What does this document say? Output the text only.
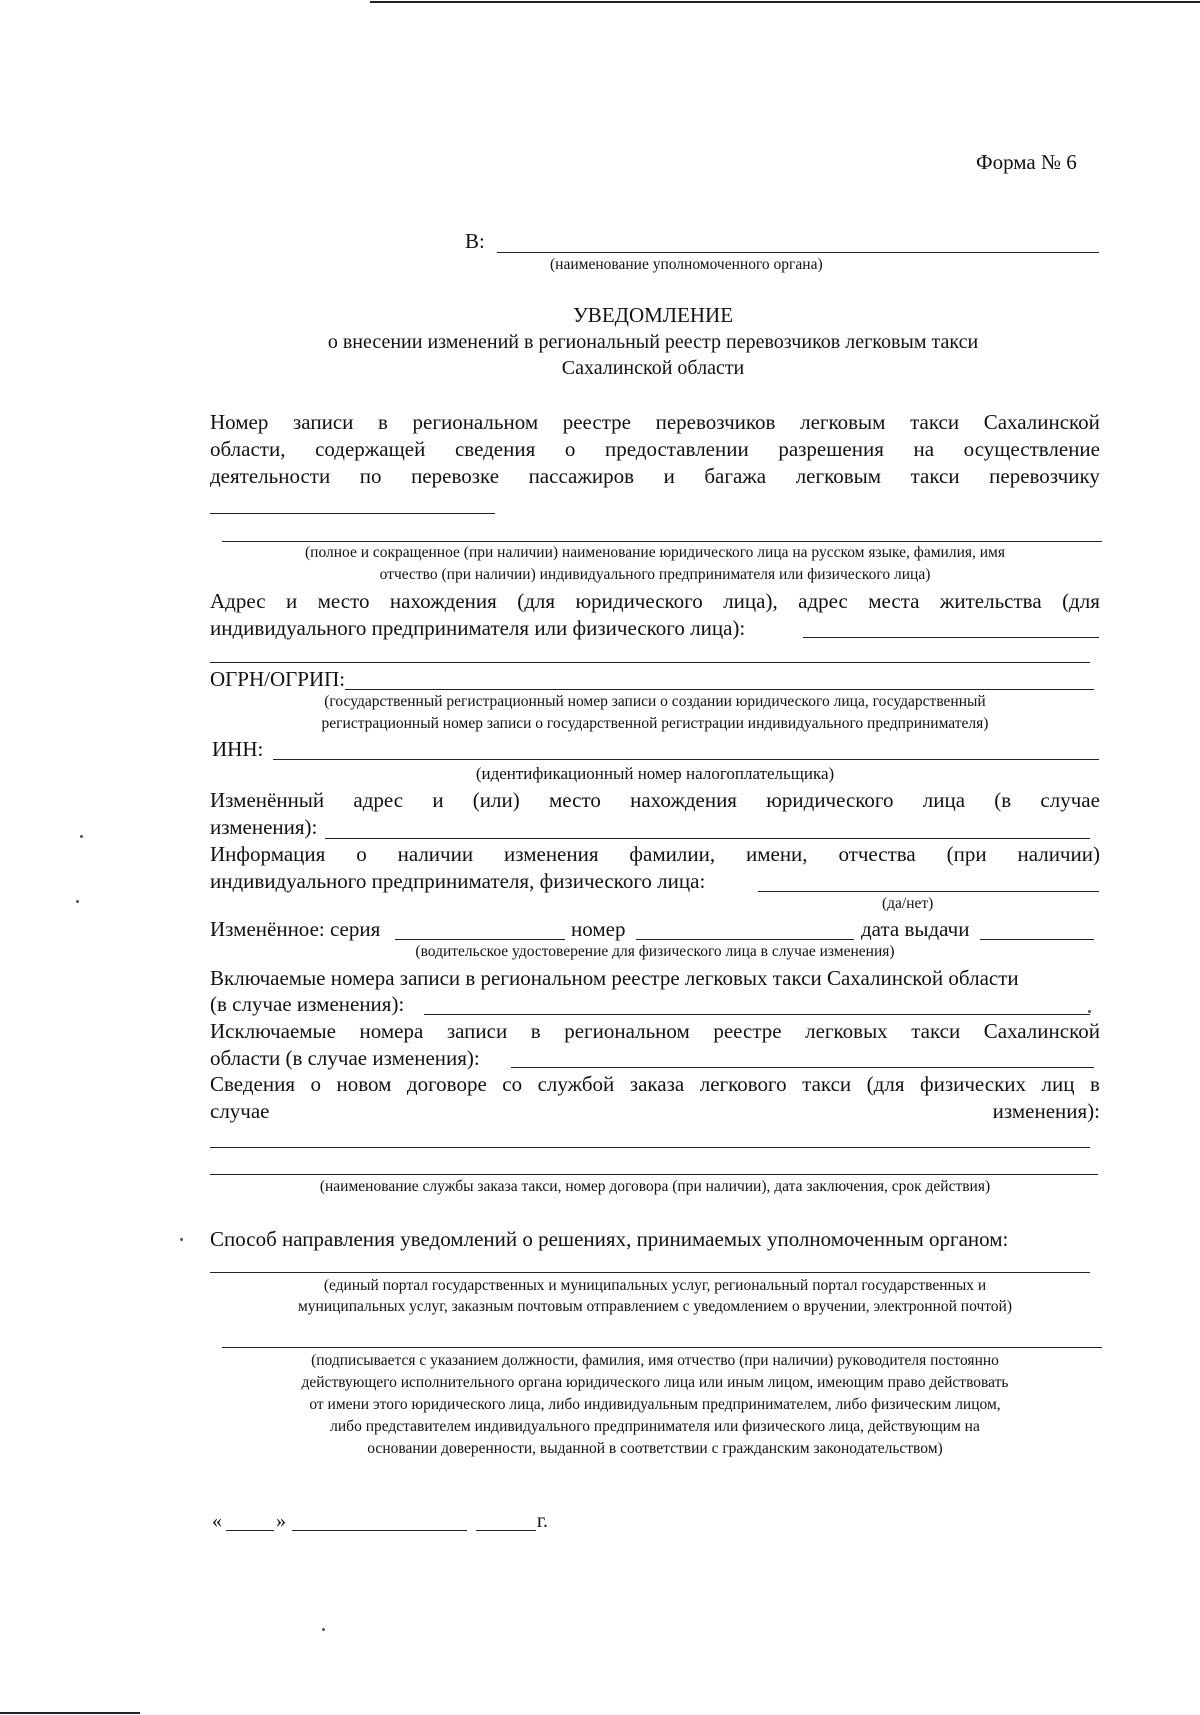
Форма № 6
В:
(наименование уполномоченного органа)
УВЕДОМЛЕНИЕ
о внесении изменений в региональный реестр перевозчиков легковым такси
Сахалинской области
Номер записи в региональном реестре перевозчиков легковым такси Сахалинской
области, содержащей сведения о предоставлении разрешения на осуществление
деятельности по перевозке пассажиров и багажа легковым такси перевозчику
(полное и сокращенное (при наличии) наименование юридического лица на русском языке, фамилия, имя
отчество (при наличии) индивидуального предпринимателя или физического лица)
Адрес и место нахождения (для юридического лица), адрес места жительства (для
индивидуального предпринимателя или физического лица):
ОГРН/ОГРИП:
(государственный регистрационный номер записи о создании юридического лица, государственный
регистрационный номер записи о государственной регистрации индивидуального предпринимателя)
ИНН:
(идентификационный номер налогоплательщика)
Изменённый адрес и (или) место нахождения юридического лица (в случае
изменения):
Информация о наличии изменения фамилии, имени, отчества (при наличии)
индивидуального предпринимателя, физического лица:
(да/нет)
Изменённое: серия	номер	дата выдачи
(водительское удостоверение для физического лица в случае изменения)
Включаемые номера записи в региональном реестре легковых такси Сахалинской области
(в случае изменения):
Исключаемые номера записи в региональном реестре легковых такси Сахалинской
области (в случае изменения):
Сведения о новом договоре со службой заказа легкового такси (для физических лиц в
случае	изменения):
(наименование службы заказа такси, номер договора (при наличии), дата заключения, срок действия)
Способ направления уведомлений о решениях, принимаемых уполномоченным органом:
(единый портал государственных и муниципальных услуг, региональный портал государственных и
муниципальных услуг, заказным почтовым отправлением с уведомлением о вручении, электронной почтой)
(подписывается с указанием должности, фамилия, имя отчество (при наличии) руководителя постоянно
действующего исполнительного органа юридического лица или иным лицом, имеющим право действовать
от имени этого юридического лица, либо индивидуальным предпринимателем, либо физическим лицом,
либо представителем индивидуального предпринимателя или физического лица, действующим на
основании доверенности, выданной в соответствии с гражданским законодательством)
«	»	г.
